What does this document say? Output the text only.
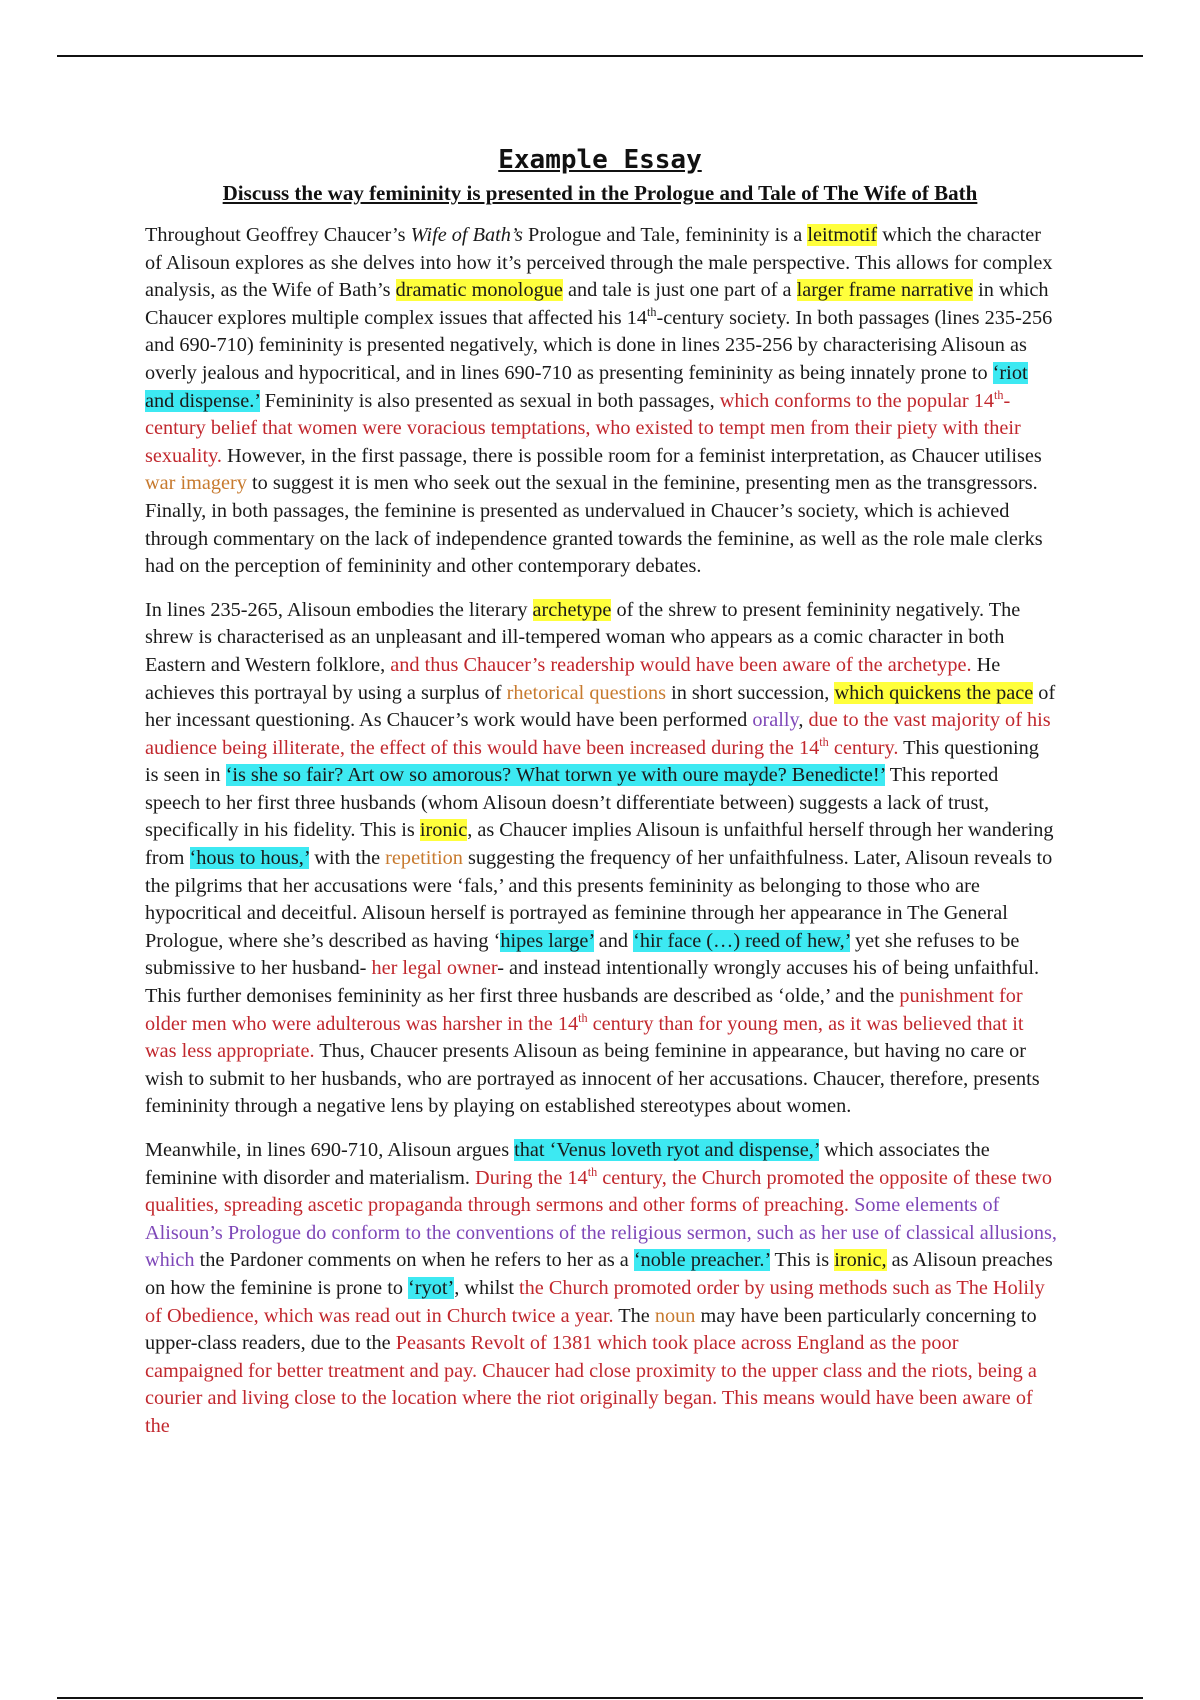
Example Essay
Discuss the way femininity is presented in the Prologue and Tale of The Wife of Bath

Throughout Geoffrey Chaucer’s Wife of Bath’s Prologue and Tale, femininity is a leitmotif which the character of Alisoun explores as she delves into how it’s perceived through the male perspective. This allows for complex analysis, as the Wife of Bath’s dramatic monologue and tale is just one part of a larger frame narrative in which Chaucer explores multiple complex issues that affected his 14th-century society. In both passages (lines 235-256 and 690-710) femininity is presented negatively, which is done in lines 235-256 by characterising Alisoun as overly jealous and hypocritical, and in lines 690-710 as presenting femininity as being innately prone to ‘riot and dispense.’ Femininity is also presented as sexual in both passages, which conforms to the popular 14th-century belief that women were voracious temptations, who existed to tempt men from their piety with their sexuality. However, in the first passage, there is possible room for a feminist interpretation, as Chaucer utilises war imagery to suggest it is men who seek out the sexual in the feminine, presenting men as the transgressors. Finally, in both passages, the feminine is presented as undervalued in Chaucer’s society, which is achieved through commentary on the lack of independence granted towards the feminine, as well as the role male clerks had on the perception of femininity and other contemporary debates.

In lines 235-265, Alisoun embodies the literary archetype of the shrew to present femininity negatively. The shrew is characterised as an unpleasant and ill-tempered woman who appears as a comic character in both Eastern and Western folklore, and thus Chaucer’s readership would have been aware of the archetype. He achieves this portrayal by using a surplus of rhetorical questions in short succession, which quickens the pace of her incessant questioning. As Chaucer’s work would have been performed orally, due to the vast majority of his audience being illiterate, the effect of this would have been increased during the 14th century. This questioning is seen in ‘is she so fair? Art ow so amorous? What torwn ye with oure mayde? Benedicte!’ This reported speech to her first three husbands (whom Alisoun doesn’t differentiate between) suggests a lack of trust, specifically in his fidelity. This is ironic, as Chaucer implies Alisoun is unfaithful herself through her wandering from ‘hous to hous,’ with the repetition suggesting the frequency of her unfaithfulness. Later, Alisoun reveals to the pilgrims that her accusations were ‘fals,’ and this presents femininity as belonging to those who are hypocritical and deceitful. Alisoun herself is portrayed as feminine through her appearance in The General Prologue, where she’s described as having ‘hipes large’ and ‘hir face (…) reed of hew,’ yet she refuses to be submissive to her husband- her legal owner- and instead intentionally wrongly accuses his of being unfaithful. This further demonises femininity as her first three husbands are described as ‘olde,’ and the punishment for older men who were adulterous was harsher in the 14th century than for young men, as it was believed that it was less appropriate. Thus, Chaucer presents Alisoun as being feminine in appearance, but having no care or wish to submit to her husbands, who are portrayed as innocent of her accusations. Chaucer, therefore, presents femininity through a negative lens by playing on established stereotypes about women.

Meanwhile, in lines 690-710, Alisoun argues that ‘Venus loveth ryot and dispense,’ which associates the feminine with disorder and materialism. During the 14th century, the Church promoted the opposite of these two qualities, spreading ascetic propaganda through sermons and other forms of preaching. Some elements of Alisoun’s Prologue do conform to the conventions of the religious sermon, such as her use of classical allusions, which the Pardoner comments on when he refers to her as a ‘noble preacher.’ This is ironic, as Alisoun preaches on how the feminine is prone to ‘ryot’, whilst the Church promoted order by using methods such as The Holily of Obedience, which was read out in Church twice a year. The noun may have been particularly concerning to upper-class readers, due to the Peasants Revolt of 1381 which took place across England as the poor campaigned for better treatment and pay. Chaucer had close proximity to the upper class and the riots, being a courier and living close to the location where the riot originally began. This means would have been aware of the
